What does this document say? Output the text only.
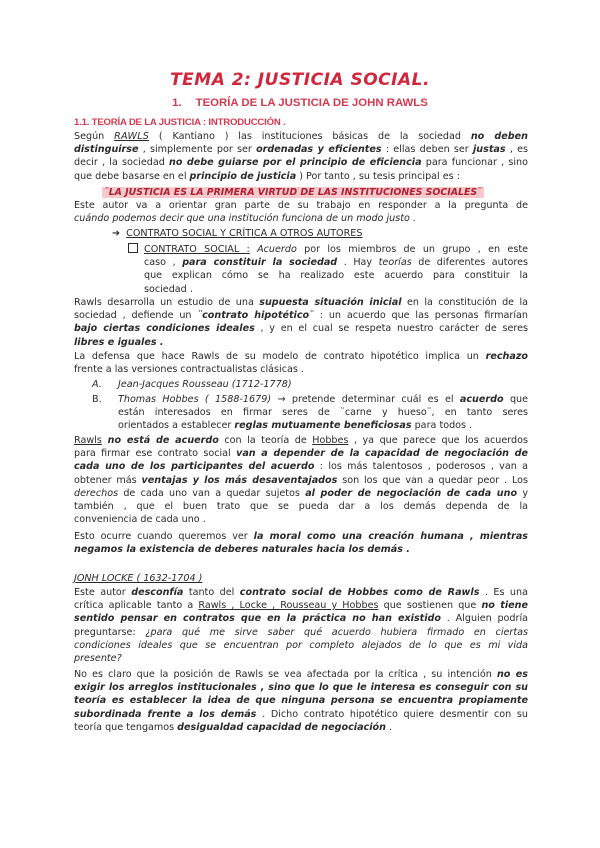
TEMA 2: JUSTICIA SOCIAL.
1. TEORÍA DE LA JUSTICIA DE JOHN RAWLS
1.1. TEORÍA DE LA JUSTICIA : INTRODUCCIÓN .
Según RAWLS ( Kantiano ) las instituciones básicas de la sociedad no deben
distinguirse , simplemente por ser ordenadas y eficientes : ellas deben ser justas , es
decir , la sociedad no debe guiarse por el principio de eficiencia para funcionar , sino
que debe basarse en el principio de justicia ) Por tanto , su tesis principal es :
¨LA JUSTICIA ES LA PRIMERA VIRTUD DE LAS INSTITUCIONES SOCIALES¨
Este autor va a orientar gran parte de su trabajo en responder a la pregunta de
cuándo podemos decir que una institución funciona de un modo justo .
➔ CONTRATO SOCIAL Y CRÍTICA A OTROS AUTORES
CONTRATO SOCIAL : Acuerdo por los miembros de un grupo , en este
caso , para constituir la sociedad . Hay teorías de diferentes autores
que explican cómo se ha realizado este acuerdo para constituir la
sociedad .
Rawls desarrolla un estudio de una supuesta situación inicial en la constitución de la
sociedad , defiende un ¨contrato hipotético¨ : un acuerdo que las personas firmarían
bajo ciertas condiciones ideales , y en el cual se respeta nuestro carácter de seres
libres e iguales .
La defensa que hace Rawls de su modelo de contrato hipotético implica un rechazo
frente a las versiones contractualistas clásicas .
A. Jean-Jacques Rousseau (1712-1778)
B. Thomas Hobbes ( 1588-1679) → pretende determinar cuál es el acuerdo que
están interesados en firmar seres de ¨carne y hueso¨, en tanto seres
orientados a establecer reglas mutuamente beneficiosas para todos .
Rawls no está de acuerdo con la teoría de Hobbes , ya que parece que los acuerdos
para firmar ese contrato social van a depender de la capacidad de negociación de
cada uno de los participantes del acuerdo : los más talentosos , poderosos , van a
obtener más ventajas y los más desaventajados son los que van a quedar peor . Los
derechos de cada uno van a quedar sujetos al poder de negociación de cada uno y
también , que el buen trato que se pueda dar a los demás dependa de la
conveniencia de cada uno .
Esto ocurre cuando queremos ver la moral como una creación humana , mientras
negamos la existencia de deberes naturales hacia los demás .
JONH LOCKE ( 1632-1704 )
Este autor desconfía tanto del contrato social de Hobbes como de Rawls . Es una
crítica aplicable tanto a Rawls , Locke , Rousseau y Hobbes que sostienen que no tiene
sentido pensar en contratos que en la práctica no han existido . Alguien podría
preguntarse: ¿para qué me sirve saber qué acuerdo hubiera firmado en ciertas
condiciones ideales que se encuentran por completo alejados de lo que es mi vida
presente?
No es claro que la posición de Rawls se vea afectada por la crítica , su intención no es
exigir los arreglos institucionales , sino que lo que le interesa es conseguir con su
teoría es establecer la idea de que ninguna persona se encuentra propiamente
subordinada frente a los demás . Dicho contrato hipotético quiere desmentir con su
teoría que tengamos desigualdad capacidad de negociación .
